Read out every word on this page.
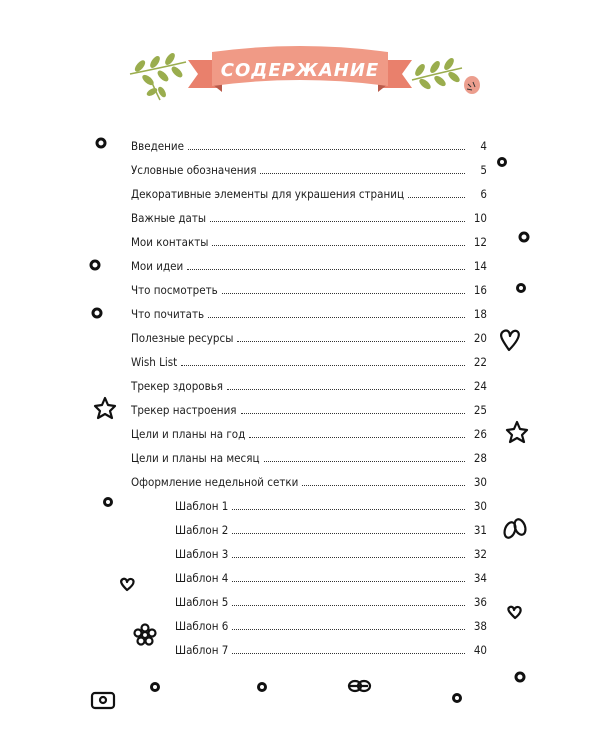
СОДЕРЖАНИЕ
Введение	4
Условные обозначения	5
Декоративные элементы для украшения страниц	6
Важные даты	10
Мои контакты	12
Мои идеи	14
Что посмотреть	16
Что почитать	18
Полезные ресурсы	20
Wish List	22
Трекер здоровья	24
Трекер настроения	25
Цели и планы на год	26
Цели и планы на месяц	28
Оформление недельной сетки	30
Шаблон 1	30
Шаблон 2	31
Шаблон 3	32
Шаблон 4	34
Шаблон 5	36
Шаблон 6	38
Шаблон 7	40
